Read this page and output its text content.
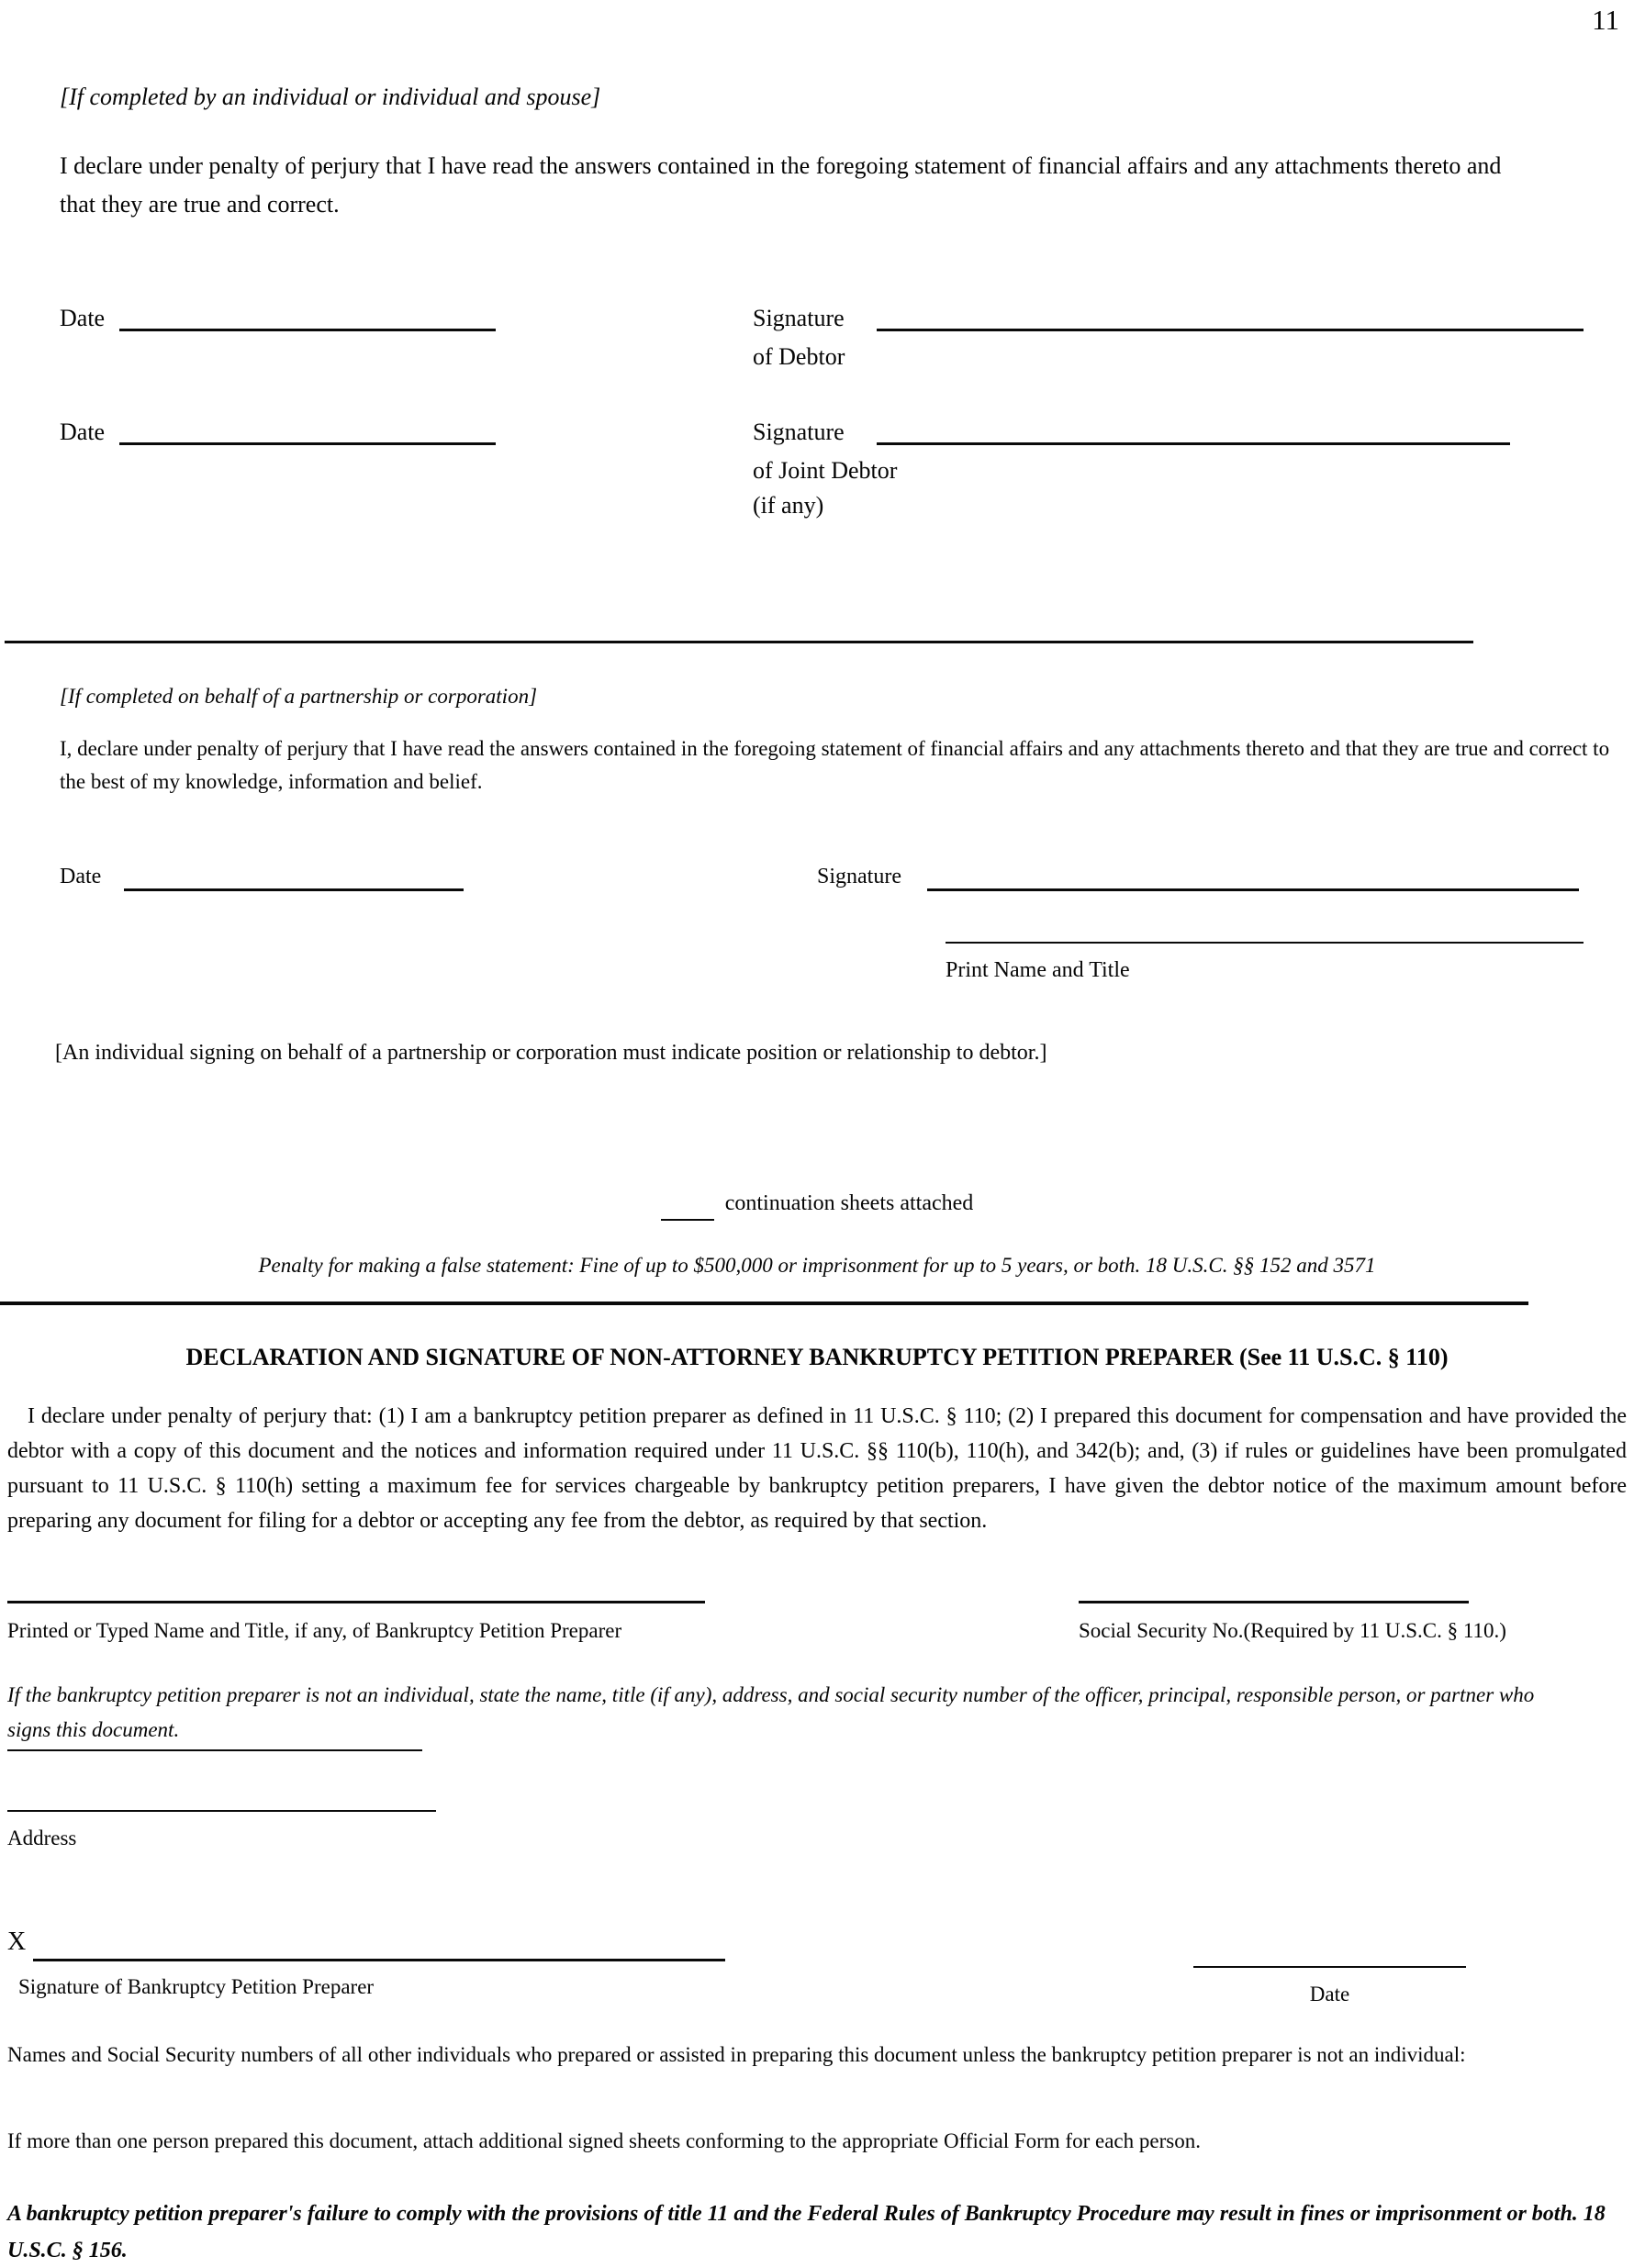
11
[If completed by an individual or individual and spouse]
I declare under penalty of perjury that I have read the answers contained in the foregoing statement of financial affairs and any attachments thereto and that they are true and correct.
Date	Signature
of Debtor
Date	Signature
of Joint Debtor
(if any)
[If completed on behalf of a partnership or corporation]
I, declare under penalty of perjury that I have read the answers contained in the foregoing statement of financial affairs and any attachments thereto and that they are true and correct to the best of my knowledge, information and belief.
Date	Signature
Print Name and Title
[An individual signing on behalf of a partnership or corporation must indicate position or relationship to debtor.]
continuation sheets attached
Penalty for making a false statement: Fine of up to $500,000 or imprisonment for up to 5 years, or both. 18 U.S.C. §§ 152 and 3571
DECLARATION AND SIGNATURE OF NON-ATTORNEY BANKRUPTCY PETITION PREPARER (See 11 U.S.C. § 110)
I declare under penalty of perjury that: (1) I am a bankruptcy petition preparer as defined in 11 U.S.C. § 110; (2) I prepared this document for compensation and have provided the debtor with a copy of this document and the notices and information required under 11 U.S.C. §§ 110(b), 110(h), and 342(b); and, (3) if rules or guidelines have been promulgated pursuant to 11 U.S.C. § 110(h) setting a maximum fee for services chargeable by bankruptcy petition preparers, I have given the debtor notice of the maximum amount before preparing any document for filing for a debtor or accepting any fee from the debtor, as required by that section.
Printed or Typed Name and Title, if any, of Bankruptcy Petition Preparer	Social Security No.(Required by 11 U.S.C. § 110.)
If the bankruptcy petition preparer is not an individual, state the name, title (if any), address, and social security number of the officer, principal, responsible person, or partner who signs this document.
Address
X
Signature of Bankruptcy Petition Preparer	Date
Names and Social Security numbers of all other individuals who prepared or assisted in preparing this document unless the bankruptcy petition preparer is not an individual:
If more than one person prepared this document, attach additional signed sheets conforming to the appropriate Official Form for each person.
A bankruptcy petition preparer's failure to comply with the provisions of title 11 and the Federal Rules of Bankruptcy Procedure may result in fines or imprisonment or both. 18 U.S.C. § 156.
